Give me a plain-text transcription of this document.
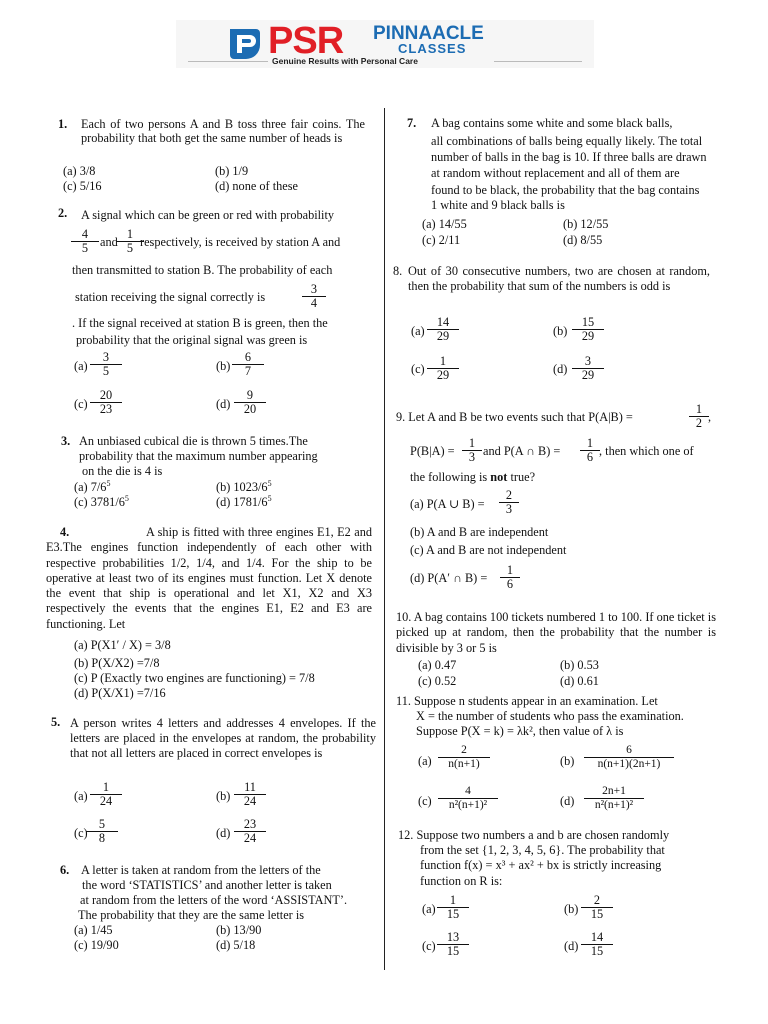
PSR PINNAACLE
CLASSES
Genuine Results with Personal Care
1. Each of two persons A and B toss three fair coins. The probability that both get the same number of heads is
(a) 3/8	(b) 1/9
(c) 5/16	(d) none of these
2. A signal which can be green or red with probability
$\frac{4}{5}$ and
$\frac{1}{5}$
respectively, is received by station A and
then transmitted to station B. The probability of each
station receiving the signal correctly is	$\frac{3}{4}$
. If the signal received at station B is green, then the
probability that the original signal was green is
$(a) \frac{3}{5}$	$(b) \frac{6}{7}$
$(c) \frac{20}{23}$	$(d) \frac{9}{20}$
3. An unbiased cubical die is thrown 5 times.The
probability that the maximum number appearing
on the die is 4 is
(a) $7/6^5$	(b) $1023/6^5$
(c) $3781/6^5$	(d) $1781/6^5$
4.	A ship is fitted with three engines E1, E2 and E3.The engines function independently of each other with respective probabilities 1/2, 1/4, and 1/4. For the ship to be operative at least two of its engines must function. Let X denote the event that ship is operational and let X1, X2 and X3 respectively the events that the engines E1, E2 and E3 are functioning. Let
(a) P(X1′ / X) = 3/8
(b) P(X/X2) =7/8
(c) P (Exactly two engines are functioning) = 7/8
(d) P(X/X1) =7/16
5. A person writes 4 letters and addresses 4 envelopes. If the letters are placed in the envelopes at random, the probability that not all letters are placed in correct envelopes is
$(a) \frac{1}{24}$	$(b) \frac{11}{24}$
(c)
$\frac{5}{8}$	$(d) \frac{23}{24}$
6. A letter is taken at random from the letters of the
the word ‘STATISTICS’ and another letter is taken
at random from the letters of the word ‘ASSISTANT’.
The probability that they are the same letter is
(a) 1/45	(b) 13/90
(c) 19/90	(d) 5/18
7. A bag contains some white and some black balls,
all combinations of balls being equally likely. The total
number of balls in the bag is 10. If three balls are drawn
at random without replacement and all of them are
found to be black, the probability that the bag contains
1 white and 9 black balls is
(a) 14/55	(b) 12/55
(c) 2/11	(d) 8/55
8. Out of 30 consecutive numbers, two are chosen at random, then the probability that sum of the numbers is odd is
$(a) \frac{14}{29}$	$(b) \frac{15}{29}$
$(c) \frac{1}{29}$	$(d) \frac{3}{29}$
9. Let A and B be two events such that P(A|B) =	$\frac{1}{2}$ ,
$P(B|A) = \frac{1}{3}$ and P(A ∩ $B) = \frac{1}{6}$ , then which one of
the following is not true?
(a) P(A ∪ $B) = \frac{2}{3}$
(b) A and B are independent
(c) A and B are not independent
(d) P(A′ ∩ $B) = \frac{1}{6}$
10. A bag contains 100 tickets numbered 1 to 100. If one ticket is picked up at random, then the probability that the number is divisible by 3 or 5 is
(a) 0.47	(b) 0.53
(c) 0.52	(d) 0.61
11. Suppose n students appear in an examination. Let
X = the number of students who pass the examination.
Suppose P(X = k) = λk², then value of λ is
$(a) \frac{2}{n(n+1)}$	$(b) \frac{6}{n(n+1)(2n+1)}$
$(c) \frac{4}{\text{n²(n+1)²}}$	$(d) \frac{2n+1}{\text{n²(n+1)²}}$
12. Suppose two numbers a and b are chosen randomly
from the set {1, 2, 3, 4, 5, 6}. The probability that
function f(x) = x³ + ax² + bx is strictly increasing
function on R is:
$(a) \frac{1}{15}$	$(b) \frac{2}{15}$
$(c) \frac{13}{15}$	$(d) \frac{14}{15}$
